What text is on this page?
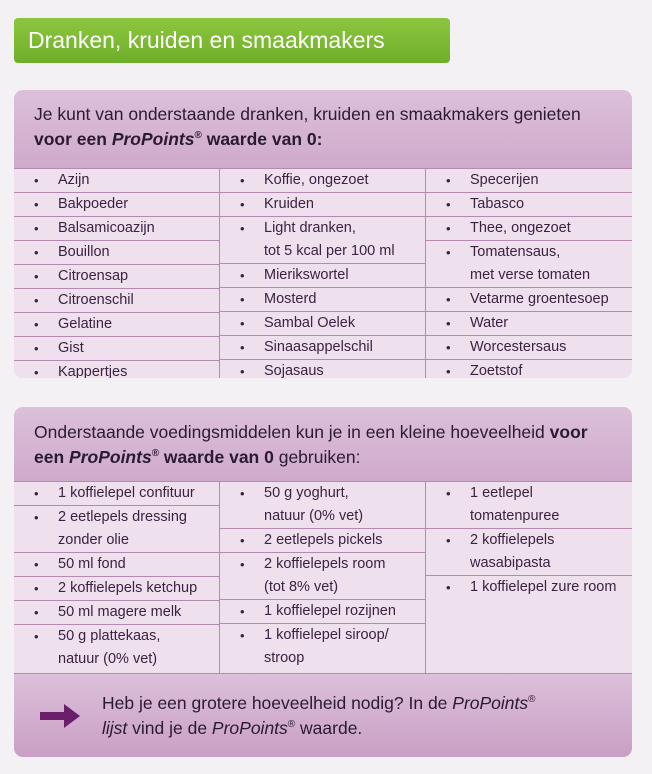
Dranken, kruiden en smaakmakers
Je kunt van onderstaande dranken, kruiden en smaakmakers genieten voor een ProPoints® waarde van 0:
•	Azijn
•	Bakpoeder
•	Balsamicoazijn
•	Bouillon
•	Citroensap
•	Citroenschil
•	Gelatine
•	Gist
•	Kappertjes
•	Koffie, ongezoet
•	Kruiden
•	Light dranken,
tot 5 kcal per 100 ml
•	Mierikswortel
•	Mosterd
•	Sambal Oelek
•	Sinaasappelschil
•	Sojasaus
•	Specerijen
•	Tabasco
•	Thee, ongezoet
•	Tomatensaus,
met verse tomaten
•	Vetarme groentesoep
•	Water
•	Worcestersaus
•	Zoetstof
Onderstaande voedingsmiddelen kun je in een kleine hoeveelheid voor een ProPoints® waarde van 0 gebruiken:
•	1 koffielepel confituur
•	2 eetlepels dressing
zonder olie
•	50 ml fond
•	2 koffielepels ketchup
•	50 ml magere melk
•	50 g plattekaas,
natuur (0% vet)
•	50 g yoghurt,
natuur (0% vet)
•	2 eetlepels pickels
•	2 koffielepels room
(tot 8% vet)
•	1 koffielepel rozijnen
•	1 koffielepel siroop/
stroop
•	1 eetlepel
tomatenpuree
•	2 koffielepels
wasabipasta
•	1 koffielepel zure room
Heb je een grotere hoeveelheid nodig? In de ProPoints®
lijst vind je de ProPoints® waarde.
